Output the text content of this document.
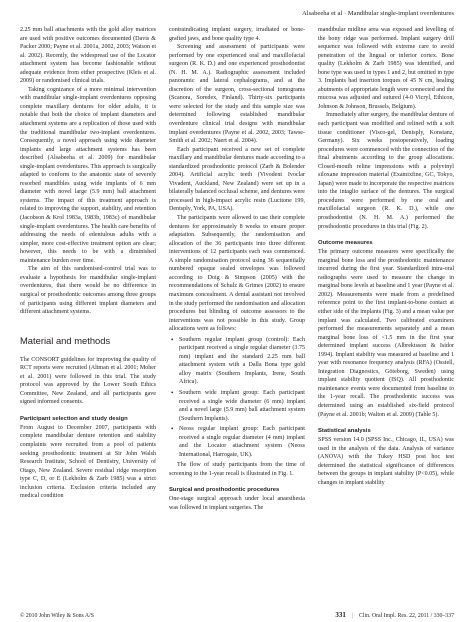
Alsabeeha et al · Mandibular single-implant overdentures

2.25 mm ball attachments with the gold alloy matrices are used with positive outcomes documented (Davis & Packer 2000; Payne et al. 2001a, 2002, 2003; Watson et al. 2002). Recently, the widespread use of the Locator attachment system has become fashionable without adequate evidence from either prospective (Kleis et al. 2009) or randomised clinical trials.

Taking cognizance of a more minimal intervention with mandibular single-implant overdentures opposing complete maxillary dentures for older adults, it is notable that both the choice of implant diameters and attachment systems are a replication of those used with the traditional mandibular two-implant overdentures. Consequently, a novel approach using wide diameter implants and large attachment systems has been described (Alsabeeha et al. 2009) for mandibular single-implant overdentures. This approach is surgically adapted to conform to the anatomic state of severely resorbed mandibles using wide implants of 6 mm diameter with novel large (5.9 mm) ball attachment systems. The impact of this treatment approach is related to improving the support, stability, and retention (Jacobson & Krol 1983a, 1983b, 1983c) of mandibular single-implant overdentures. The health care benefits of addressing the needs of edentulous adults with a simpler, more cost-effective treatment option are clear; however, this needs to be with a diminished maintenance burden over time.

The aim of this randomised-control trial was to evaluate a hypothesis for mandibular single-implant overdentures, that there would be no difference in surgical or prosthodontic outcomes among three groups of participants using different implant diameters and different attachment systems.

Material and methods

The CONSORT guidelines for improving the quality of RCT reports were recruited (Altman et al. 2001; Moher et al. 2001) were followed in this trial. The study protocol was approved by the Lower South Ethics Committee, New Zealand, and all participants gave signed informed consents.

Participant selection and study design

From August to December 2007, participants with complete mandibular denture retention and stability complaints were recruited from a pool of patients seeking prosthodontic treatment at Sir John Walsh Research Institute, School of Dentistry, University of Otago, New Zealand. Severe residual ridge resorption type C, D, or E (Lekholm & Zarb 1985) was a strict inclusion criteria. Exclusion criteria included any medical condition

contraindicating implant surgery, irradiated or bone-grafted jaws, and bone quality type 4.

Screening and assessment of participants were performed by one experienced oral and maxillofacial surgeon (R. K. D.) and one experienced prosthodontist (N. H. M. A.). Radiographic assessment included panoramic and lateral cephalograms, and at the discretion of the surgeon, cross-sectional tomograms (Scanora, Soredex, Finland). Thirty-six participants were selected for the study and this sample size was determined following established mandibular overdenture clinical trial designs with mandibular implant overdentures (Payne et al. 2002, 2003; Tawse-Smith et al. 2002; Naert et al. 2004).

Each participant received a new set of complete maxillary and mandibular dentures made according to a standardized prosthodontic protocol (Zarb & Bolender 2004). Artificial acrylic teeth (Vivodent Ivoclar Vivadent, Auckland, New Zealand) were set up in a bilaterally balanced occlusal scheme, and dentures were processed in high-impact acrylic resin (Lucitone 199, Dentsply, York, PA, USA).

The participants were allowed to use their complete dentures for approximately 8 weeks to ensure proper adaptation. Subsequently, the randomisation and allocation of the 36 participants into three different interventions of 12 participants each was commenced. A simple randomisation protocol using 36 sequentially numbered opaque sealed envelopes was followed according to Doig & Simpson (2005) with the recommendations of Schulz & Grimes (2002) to ensure maximum concealment. A dental assistant not involved in the study performed the randomisation and allocation procedures but blinding of outcome assessors to the interventions was not possible in this study. Group allocations were as follows:

• Southern regular implant group (control): Each participant received a single regular diameter (3.75 mm) implant and the standard 2.25 mm ball attachment system with a Dalla Bona type gold alloy matrix (Southern Implants, Irene, South Africa).
• Southern wide implant group: Each participant received a single wide diameter (6 mm) implant and a novel large (5.9 mm) ball attachment system (Southern Implants).
• Neoss regular implant group: Each participant received a single regular diameter (4 mm) implant and the Locator attachment system (Neoss International, Harrogate, UK).

The flow of study participants from the time of screening to the 1-year recall is illustrated in Fig. 1.

Surgical and prosthodontic procedures

One-stage surgical approach under local anaesthesia was followed in implant surgeries. The

mandibular midline area was exposed and levelling of the bony ridge was performed. Implant surgery drill sequence was followed with extreme care to avoid penetration of the lingual or inferior cortex. Bone quality (Lekholm & Zarb 1985) was identified, and bone type was used in types 1 and 2, but omitted in type 3. Implants had insertion torques of 45 N cm, healing abutments of appropriate length were connected and the mucosa was adjusted and sutured (4-0 Vicryl, Ethicon, Johnson & Johnson, Brussels, Belgium).

Immediately after surgery, the mandibular denture of each participant was modified and relined with a soft tissue conditioner (Visco-gel, Dentsply, Konstanz, Germany). Six weeks postoperatively, loading procedures were commenced with the connection of the final abutments according to the group allocations. Closed-mouth reline impressions with a polyvinyl siloxane impression material (Examixfine, GC, Tokyo, Japan) were made to incorporate the respective matrices into the intaglio surface of the dentures. The surgical procedures were performed by one oral and maxillofacial surgeon (R. K. D.), while one prosthodontist (N. H. M. A.) performed the prosthodontic procedures in this trial (Fig. 2).

Outcome measures

The primary outcome measures were specifically the marginal bone loss and the prosthodontic maintenance incurred during the first year. Standardized intra-oral radiographs were used to measure the change in marginal bone levels at baseline and 1 year (Payne et al. 2002). Measurements were made from a predefined reference point to the first implant-to-bone contact at either side of the implants (Fig. 3) and a mean value per implant was calculated. Two calibrated examiners performed the measurements separately and a mean marginal bone loss of <1.5 mm in the first year determined implant success (Albrektsson & Isidor 1994). Implant stability was measured at baseline and 1 year with resonance frequency analysis (RFA) (Osstell, Integration Diagnostics, Göteborg, Sweden) using implant stability quotient (ISQ). All prosthodontic maintenance events were documented from baseline to the 1-year recall. The prosthodontic success was determined using an established six-field protocol (Payne et al. 2001b; Walton et al. 2009) (Table 5).

Statistical analysis

SPSS version 14.0 (SPSS Inc., Chicago, IL, USA) was used in the analysis of the data. Analysis of variance (ANOVA) with the Tukey HSD post hoc test determined the statistical significance of differences between the groups in implant stability (P<0.05), while changes in implant stability

© 2010 John Wiley & Sons A/S	331 | Clin. Oral Impl. Res. 22, 2011 / 330–337
